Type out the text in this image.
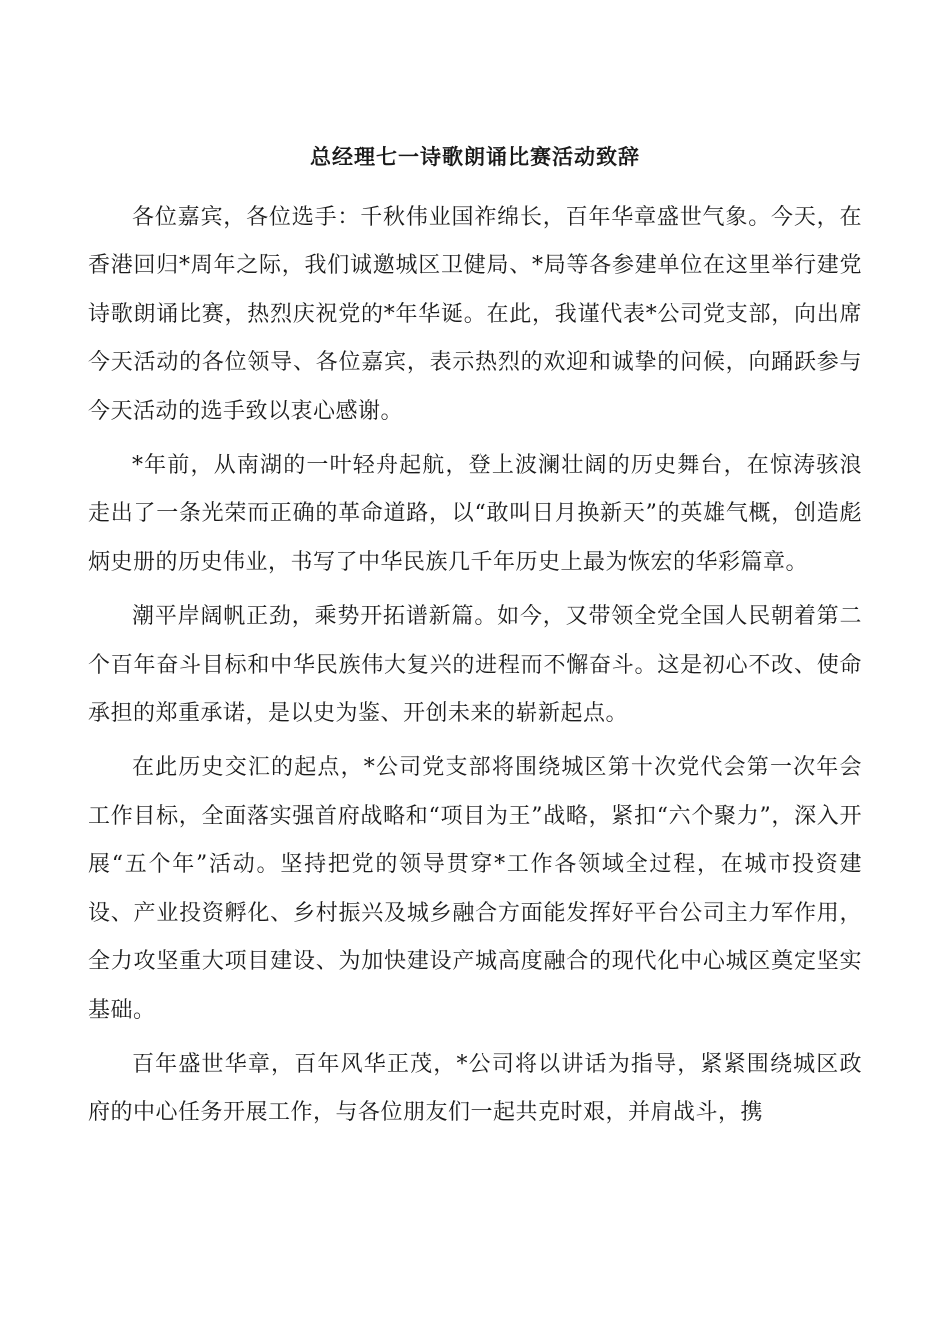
总经理七一诗歌朗诵比赛活动致辞

各位嘉宾，各位选手：千秋伟业国祚绵长，百年华章盛世气象。今天，在香港回归*周年之际，我们诚邀城区卫健局、*局等各参建单位在这里举行建党诗歌朗诵比赛，热烈庆祝党的*年华诞。在此，我谨代表*公司党支部，向出席今天活动的各位领导、各位嘉宾，表示热烈的欢迎和诚挚的问候，向踊跃参与今天活动的选手致以衷心感谢。

*年前，从南湖的一叶轻舟起航，登上波澜壮阔的历史舞台，在惊涛骇浪走出了一条光荣而正确的革命道路，以“敢叫日月换新天”的英雄气概，创造彪炳史册的历史伟业，书写了中华民族几千年历史上最为恢宏的华彩篇章。

潮平岸阔帆正劲，乘势开拓谱新篇。如今，又带领全党全国人民朝着第二个百年奋斗目标和中华民族伟大复兴的进程而不懈奋斗。这是初心不改、使命承担的郑重承诺，是以史为鉴、开创未来的崭新起点。

在此历史交汇的起点，*公司党支部将围绕城区第十次党代会第一次年会工作目标，全面落实强首府战略和“项目为王”战略，紧扣“六个聚力”，深入开展“五个年”活动。坚持把党的领导贯穿*工作各领域全过程，在城市投资建设、产业投资孵化、乡村振兴及城乡融合方面能发挥好平台公司主力军作用，全力攻坚重大项目建设、为加快建设产城高度融合的现代化中心城区奠定坚实基础。

百年盛世华章，百年风华正茂，*公司将以讲话为指导，紧紧围绕城区政府的中心任务开展工作，与各位朋友们一起共克时艰，并肩战斗，携
